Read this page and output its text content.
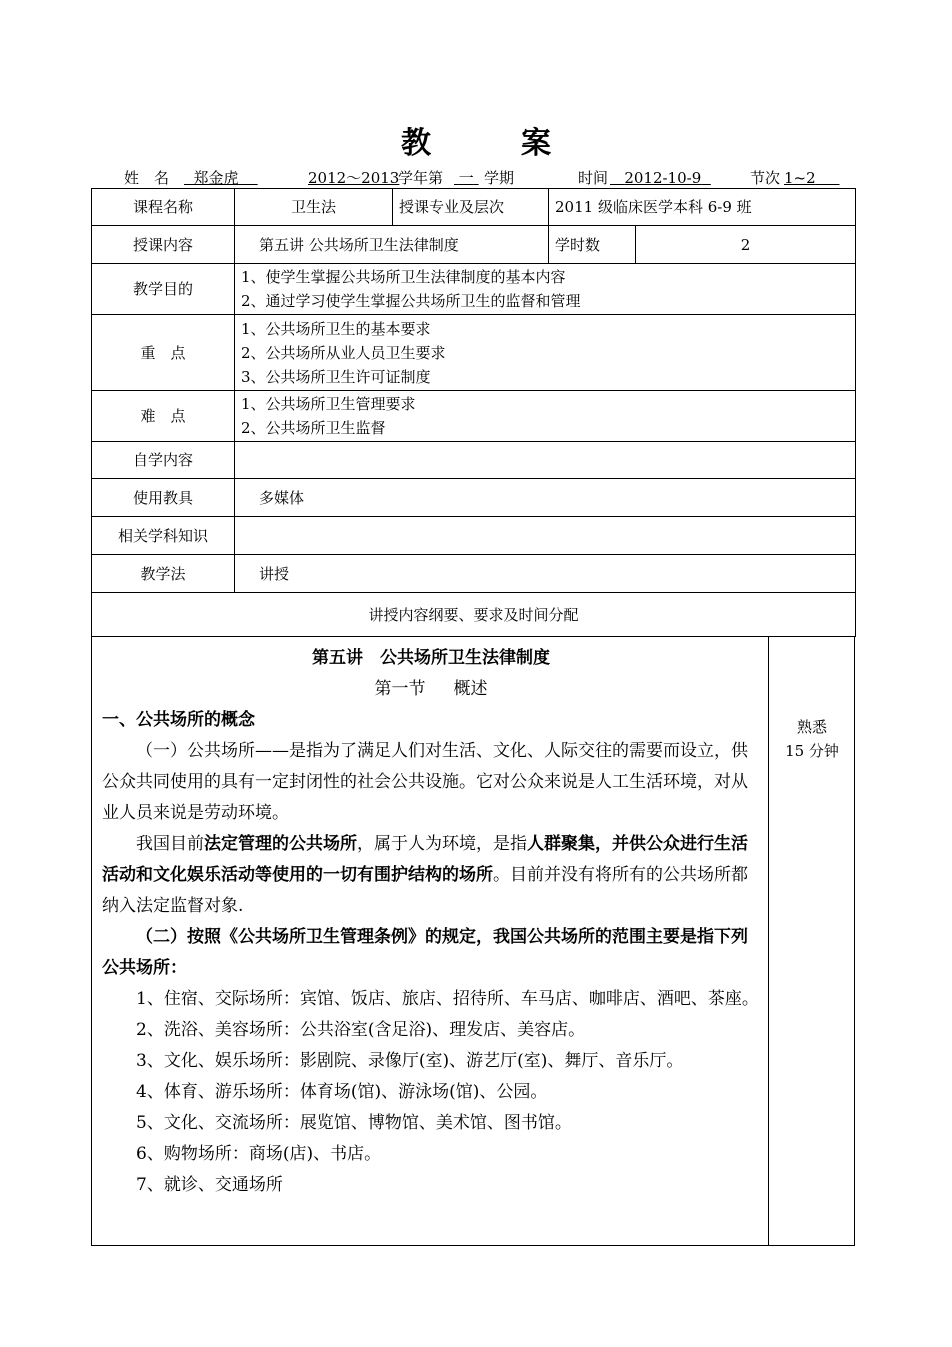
教案
姓　名	郑金虎	2012～2013
学年第	一 学期	时间	2012-10-9	节次 1~2
课程名称	卫生法	授课专业及层次	2011 级临床医学本科 6-9 班	
授课内容	第五讲 公共场所卫生法律制度		学时数	2
教学目的	1、使学生掌握公共场所卫生法律制度的基本内容
2、通过学习使学生掌握公共场所卫生的监督和管理			

重　点	1、公共场所卫生的基本要求
2、公共场所从业人员卫生要求
3、公共场所卫生许可证制度			

难　点	1、公共场所卫生管理要求
2、公共场所卫生监督			

自学内容				
使用教具	多媒体			
相关学科知识				
教学法	讲授			
讲授内容纲要、要求及时间分配				
第五讲　公共场所卫生法律制度
第一节 概述
一、公共场所的概念
（一）公共场所——是指为了满足人们对生活、文化、人际交往的需要而设立，供公众共同使用的具有一定封闭性的社会公共设施。它对公众来说是人工生活环境，对从业人员来说是劳动环境。
我国目前法定管理的公共场所，属于人为环境，是指人群聚集，并供公众进行生活活动和文化娱乐活动等使用的一切有围护结构的场所。目前并没有将所有的公共场所都纳入法定监督对象.
（二）按照《公共场所卫生管理条例》的规定，我国公共场所的范围主要是指下列公共场所：
1、住宿、交际场所：宾馆、饭店、旅店、招待所、车马店、咖啡店、酒吧、茶座。
2、洗浴、美容场所：公共浴室(含足浴)、理发店、美容店。
3、文化、娱乐场所：影剧院、录像厅(室)、游艺厅(室)、舞厅、音乐厅。
4、体育、游乐场所：体育场(馆)、游泳场(馆)、公园。
5、文化、交流场所：展览馆、博物馆、美术馆、图书馆。
6、购物场所：商场(店)、书店。
7、就诊、交通场所
熟悉
15 分钟
